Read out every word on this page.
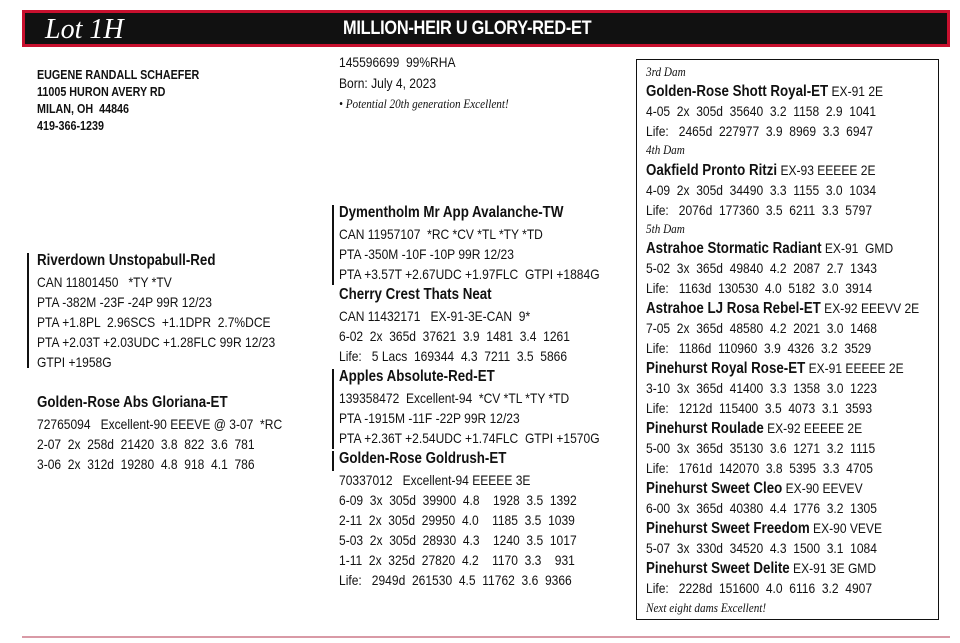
Lot 1H	MILLION-HEIR U GLORY-RED-ET
EUGENE RANDALL SCHAEFER
11005 HURON AVERY RD
MILAN, OH  44846
419-366-1239
145596699  99%RHA
Born: July 4, 2023
• Potential 20th generation Excellent!
Riverdown Unstopabull-Red
CAN 11801450   *TY *TV
PTA -382M -23F -24P 99R 12/23
PTA +1.8PL  2.96SCS  +1.1DPR  2.7%DCE
PTA +2.03T +2.03UDC +1.28FLC 99R 12/23
GTPI +1958G
Golden-Rose Abs Gloriana-ET
72765094   Excellent-90 EEEVE @ 3-07  *RC
2-07  2x  258d  21420  3.8  822  3.6  781
3-06  2x  312d  19280  4.8  918  4.1  786
Dymentholm Mr App Avalanche-TW
CAN 11957107  *RC *CV *TL *TY *TD
PTA -350M -10F -10P 99R 12/23
PTA +3.57T +2.67UDC +1.97FLC  GTPI +1884G
Cherry Crest Thats Neat
CAN 11432171   EX-91-3E-CAN  9*
6-02  2x  365d  37621  3.9  1481  3.4  1261
Life:   5 Lacs  169344  4.3  7211  3.5  5866
Apples Absolute-Red-ET
139358472  Excellent-94  *CV *TL *TY *TD
PTA -1915M -11F -22P 99R 12/23
PTA +2.36T +2.54UDC +1.74FLC  GTPI +1570G
Golden-Rose Goldrush-ET
70337012   Excellent-94 EEEEE 3E
6-09  3x  305d  39900  4.8    1928  3.5  1392
2-11  2x  305d  29950  4.0    1185  3.5  1039
5-03  2x  305d  28930  4.3    1240  3.5  1017
1-11  2x  325d  27820  4.2    1170  3.3    931
Life:   2949d  261530  4.5  11762  3.6  9366
3rd Dam
Golden-Rose Shott Royal-ET EX-91 2E
4-05  2x  305d  35640  3.2  1158  2.9  1041
Life:   2465d  227977  3.9  8969  3.3  6947
4th Dam
Oakfield Pronto Ritzi EX-93 EEEEE 2E
4-09  2x  305d  34490  3.3  1155  3.0  1034
Life:   2076d  177360  3.5  6211  3.3  5797
5th Dam
Astrahoe Stormatic Radiant EX-91  GMD
5-02  3x  365d  49840  4.2  2087  2.7  1343
Life:   1163d  130530  4.0  5182  3.0  3914
Astrahoe LJ Rosa Rebel-ET EX-92 EEEVV 2E
7-05  2x  365d  48580  4.2  2021  3.0  1468
Life:   1186d  110960  3.9  4326  3.2  3529
Pinehurst Royal Rose-ET EX-91 EEEEE 2E
3-10  3x  365d  41400  3.3  1358  3.0  1223
Life:   1212d  115400  3.5  4073  3.1  3593
Pinehurst Roulade EX-92 EEEEE 2E
5-00  3x  365d  35130  3.6  1271  3.2  1115
Life:   1761d  142070  3.8  5395  3.3  4705
Pinehurst Sweet Cleo EX-90 EEVEV
6-00  3x  365d  40380  4.4  1776  3.2  1305
Pinehurst Sweet Freedom EX-90 VEVE
5-07  3x  330d  34520  4.3  1500  3.1  1084
Pinehurst Sweet Delite EX-91 3E GMD
Life:   2228d  151600  4.0  6116  3.2  4907
Next eight dams Excellent!
